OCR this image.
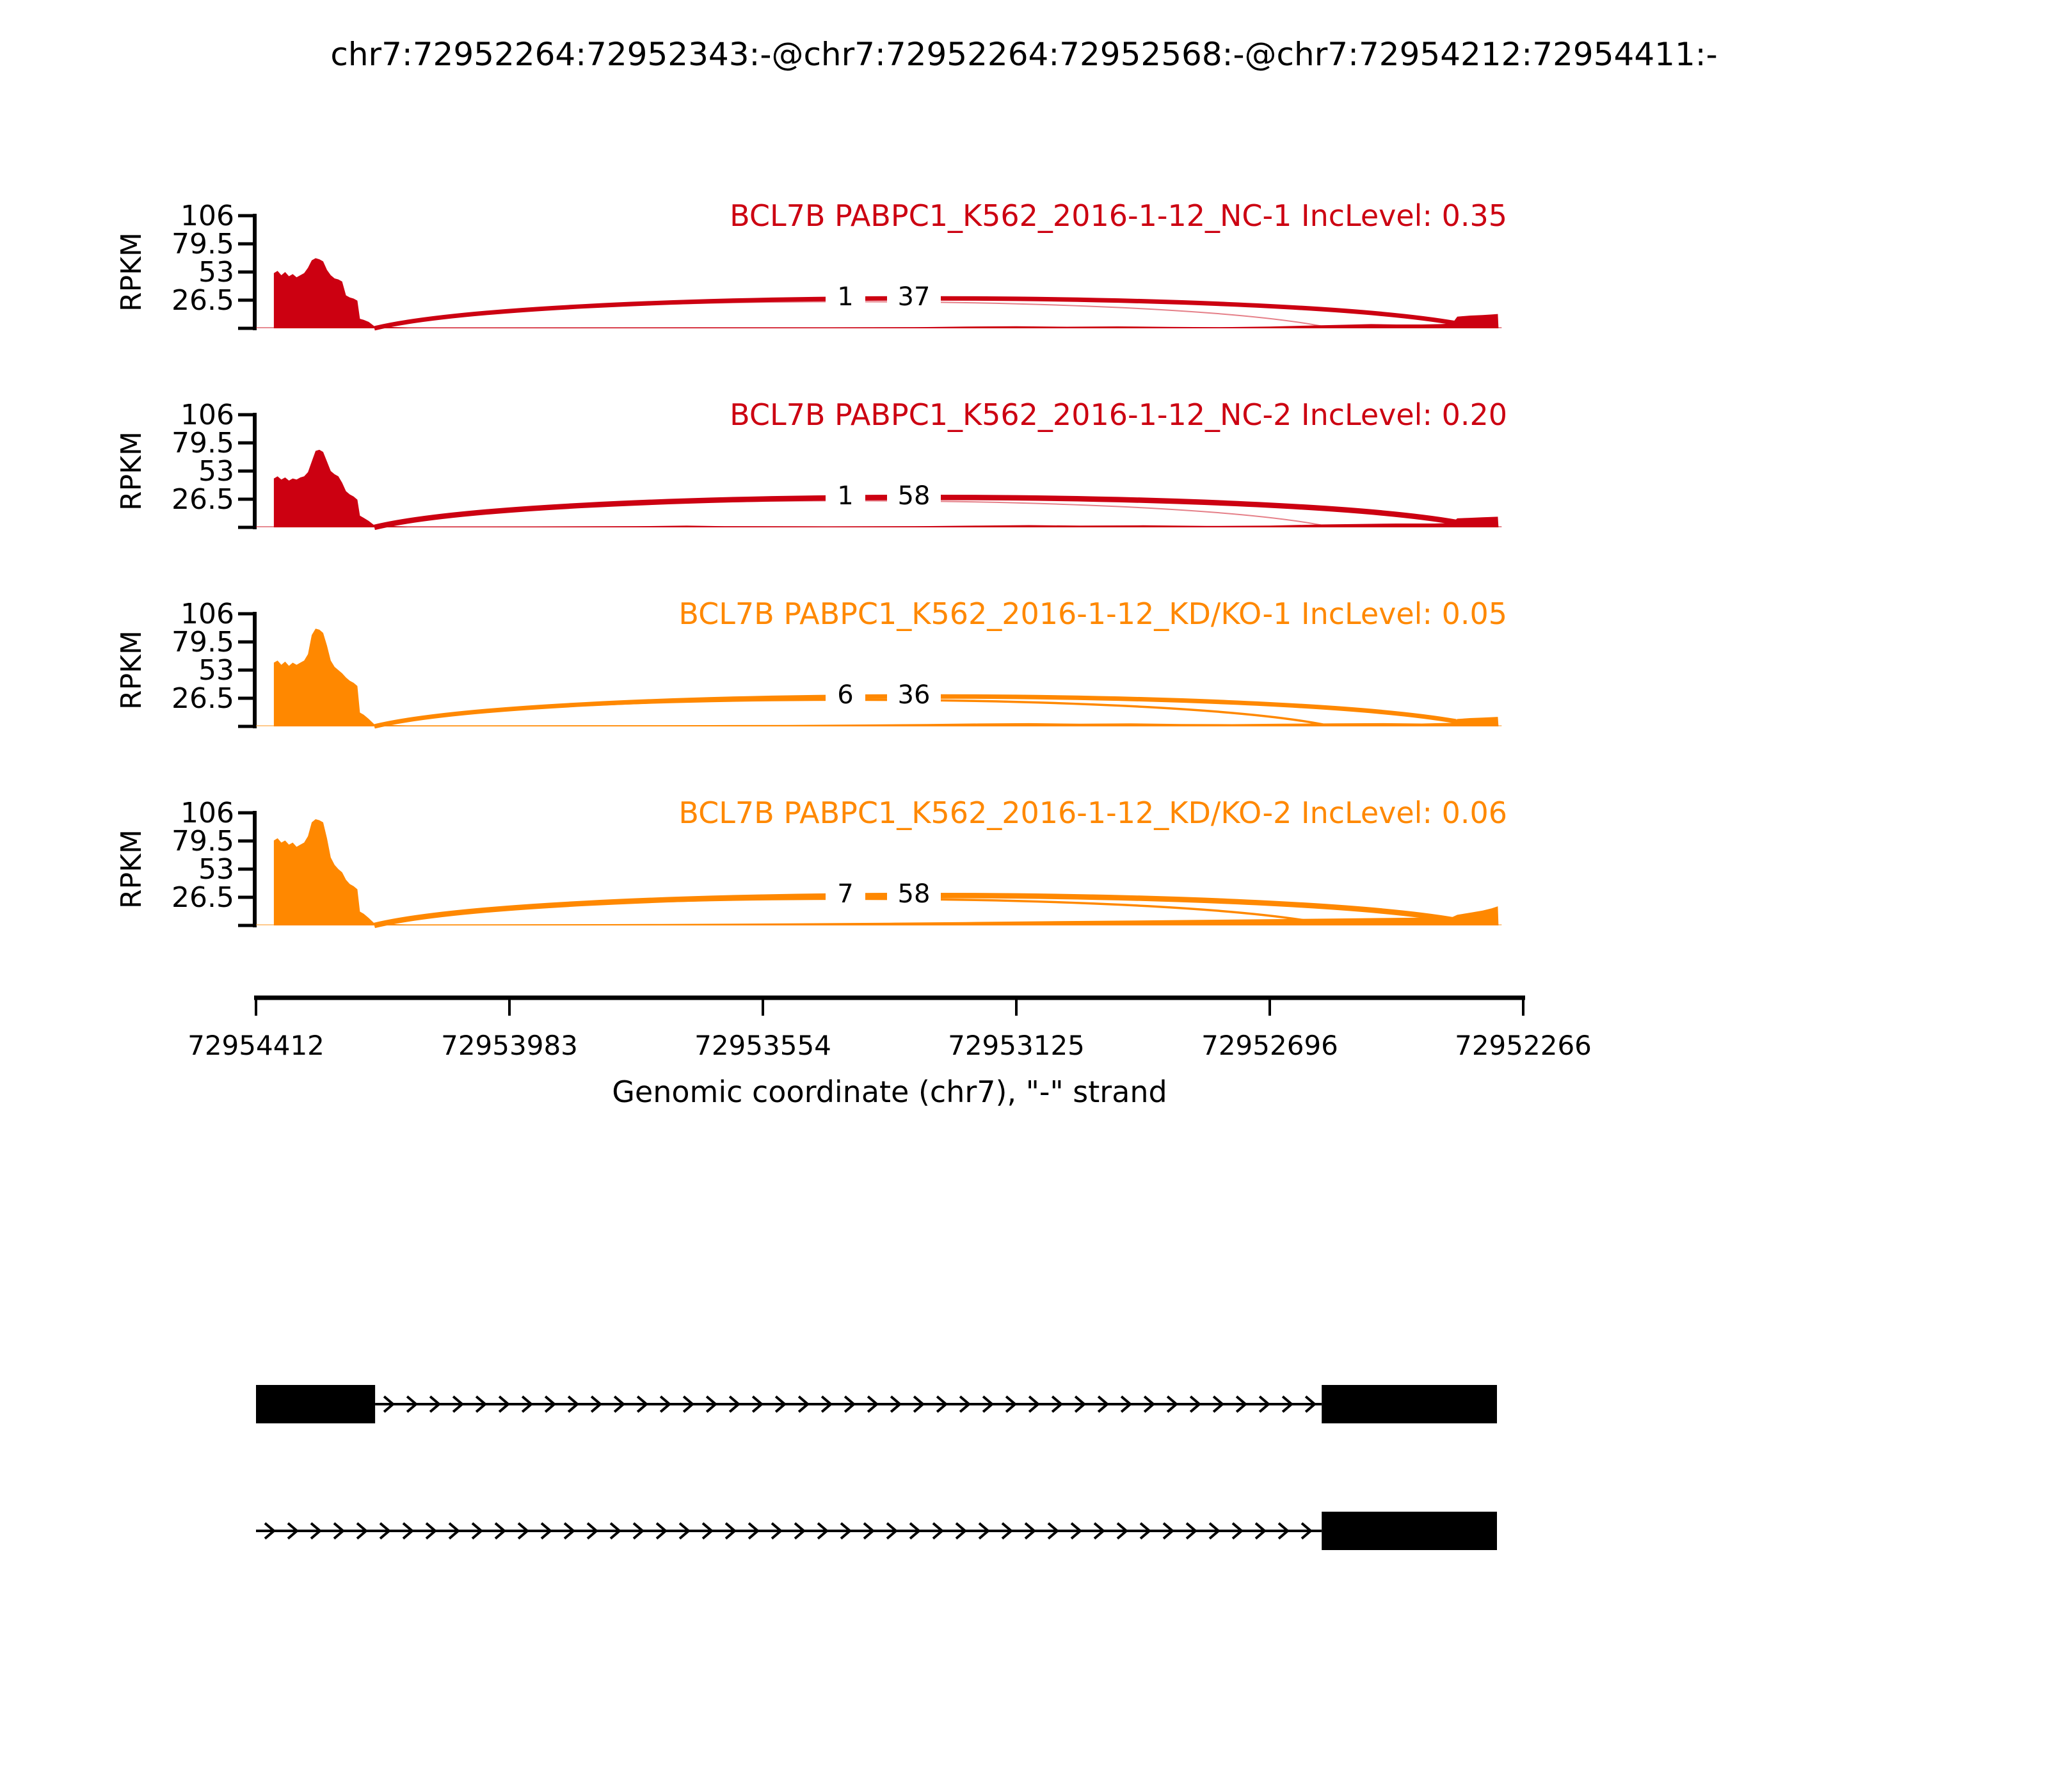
chr7:72952264:72952343:-@chr7:72952264:72952568:-@chr7:72954212:72954411:-
106
79.5
53
26.5
RPKM	1 37
BCL7B PABPC1_K562_2016-1-12_NC-1 IncLevel: 0.35
106
79.5
53
26.5
RPKM	1 58
BCL7B PABPC1_K562_2016-1-12_NC-2 IncLevel: 0.20
106
79.5
53
26.5
RPKM	6 36
BCL7B PABPC1_K562_2016-1-12_KD/KO-1 IncLevel: 0.05
106
79.5
53
26.5
RPKM	7 58
BCL7B PABPC1_K562_2016-1-12_KD/KO-2 IncLevel: 0.06
72954412	72953983	72953554	72953125	72952696	72952266
Genomic coordinate (chr7), "-" strand
